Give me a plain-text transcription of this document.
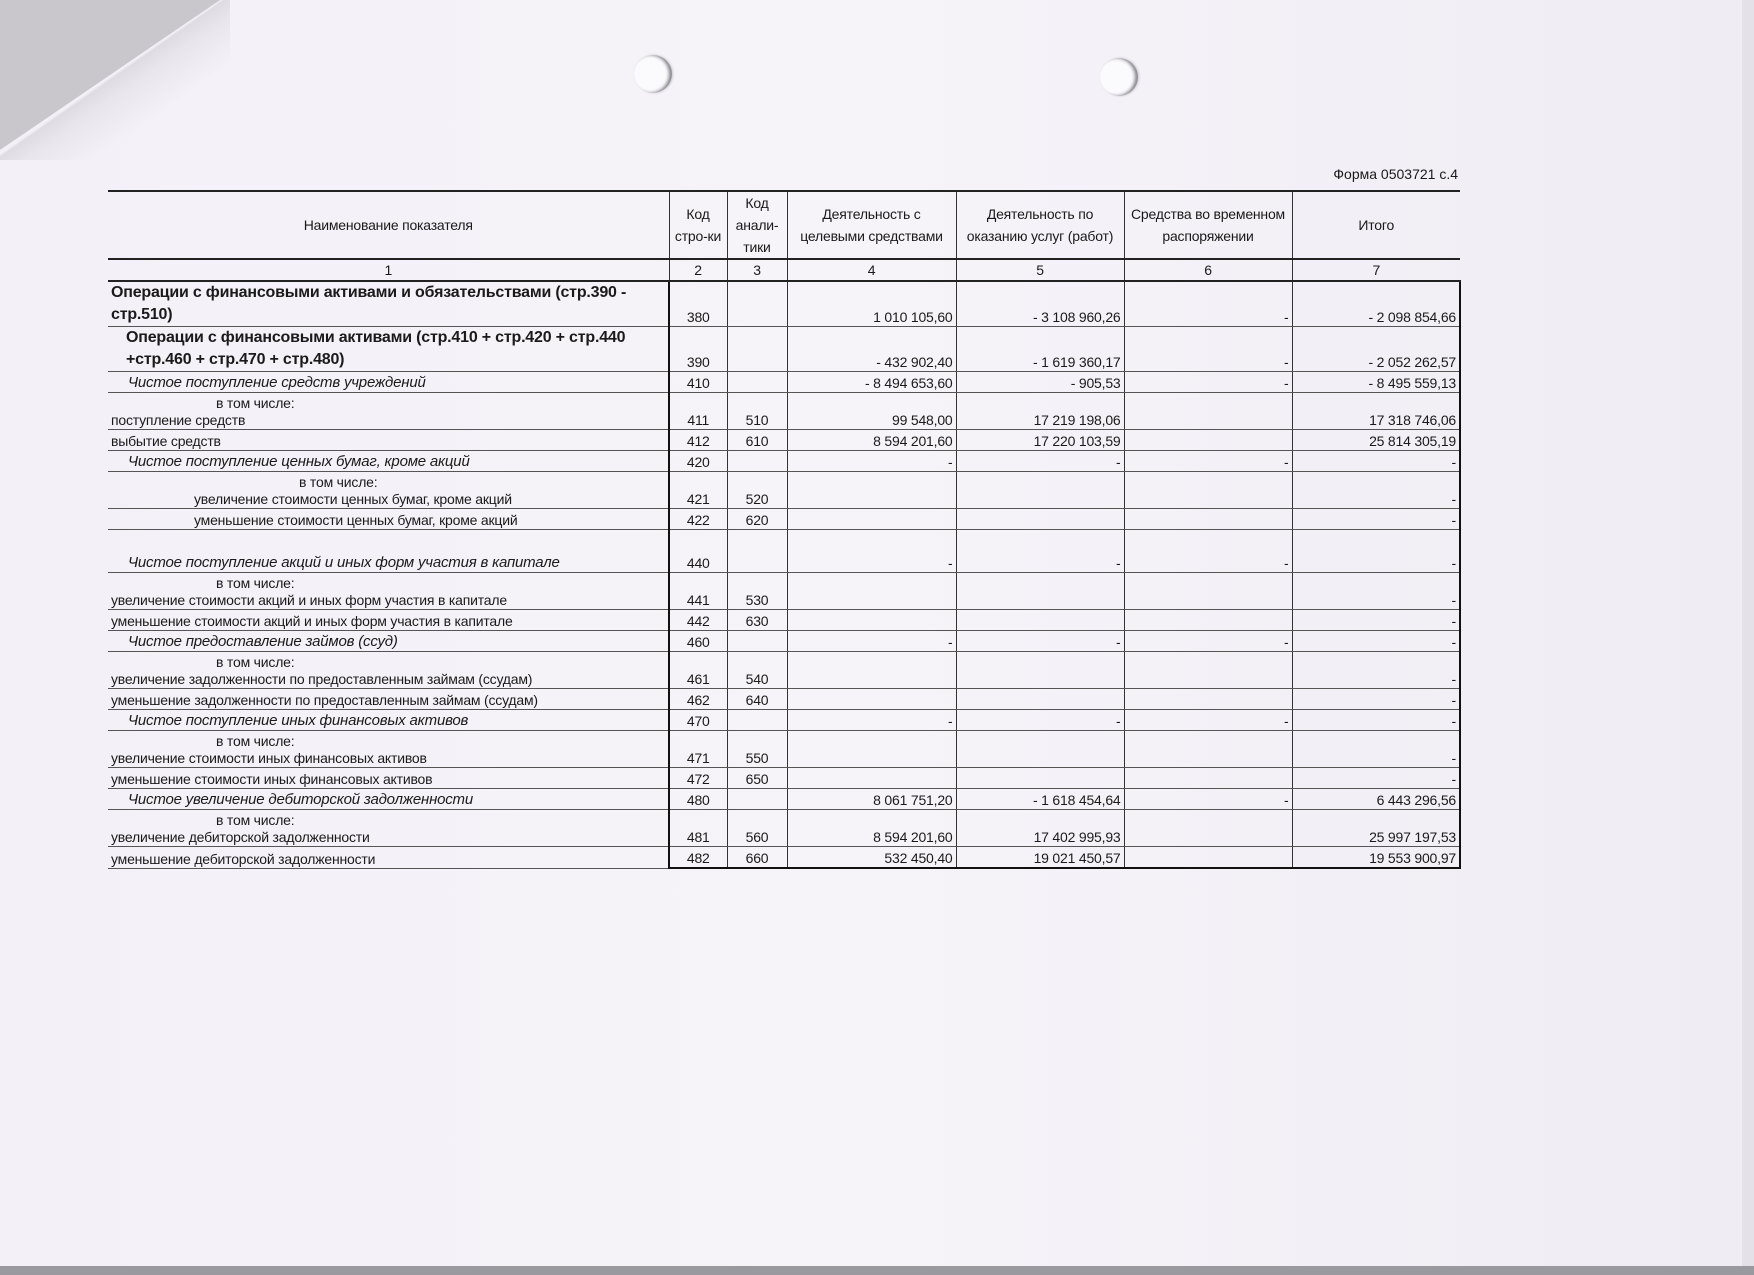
Форма 0503721 с.4
Наименование показателя	Код стро-ки	Код анали-тики	Деятельность с целевыми средствами	Деятельность по оказанию услуг (работ)	Средства во временном распоряжении	Итого
1	2	3	4	5	6	7
Операции с финансовыми активами и обязательствами (стр.390 - стр.510)	380		1 010 105,60	- 3 108 960,26	-	- 2 098 854,66
Операции с финансовыми активами (стр.410 + стр.420 + стр.440 +стр.460 + стр.470 + стр.480)	390		- 432 902,40	- 1 619 360,17	-	- 2 052 262,57
Чистое поступление средств учреждений	410		- 8 494 653,60	- 905,53	-	- 8 495 559,13

в том числе:
поступление средств	411	510	99 548,00	17 219 198,06		17 318 746,06
выбытие средств	412	610	8 594 201,60	17 220 103,59		25 814 305,19
Чистое поступление ценных бумаг, кроме акций	420		-	-	-	-

в том числе:
увеличение стоимости ценных бумаг, кроме акций	421	520				-
уменьшение стоимости ценных бумаг, кроме акций	422	620				-
Чистое поступление акций и иных форм участия в капитале	440		-	-	-	-

в том числе:
увеличение стоимости акций и иных форм участия в капитале	441	530				-
уменьшение стоимости акций и иных форм участия в капитале	442	630				-
Чистое предоставление займов (ссуд)	460		-	-	-	-

в том числе:
увеличение задолженности по предоставленным займам (ссудам)	461	540				-
уменьшение задолженности по предоставленным займам (ссудам)	462	640				-
Чистое поступление иных финансовых активов	470		-	-	-	-

в том числе:
увеличение стоимости иных финансовых активов	471	550				-
уменьшение стоимости иных финансовых активов	472	650				-
Чистое увеличение дебиторской задолженности	480		8 061 751,20	- 1 618 454,64	-	6 443 296,56

в том числе:
увеличение дебиторской задолженности	481	560	8 594 201,60	17 402 995,93		25 997 197,53
уменьшение дебиторской задолженности	482	660	532 450,40	19 021 450,57		19 553 900,97
